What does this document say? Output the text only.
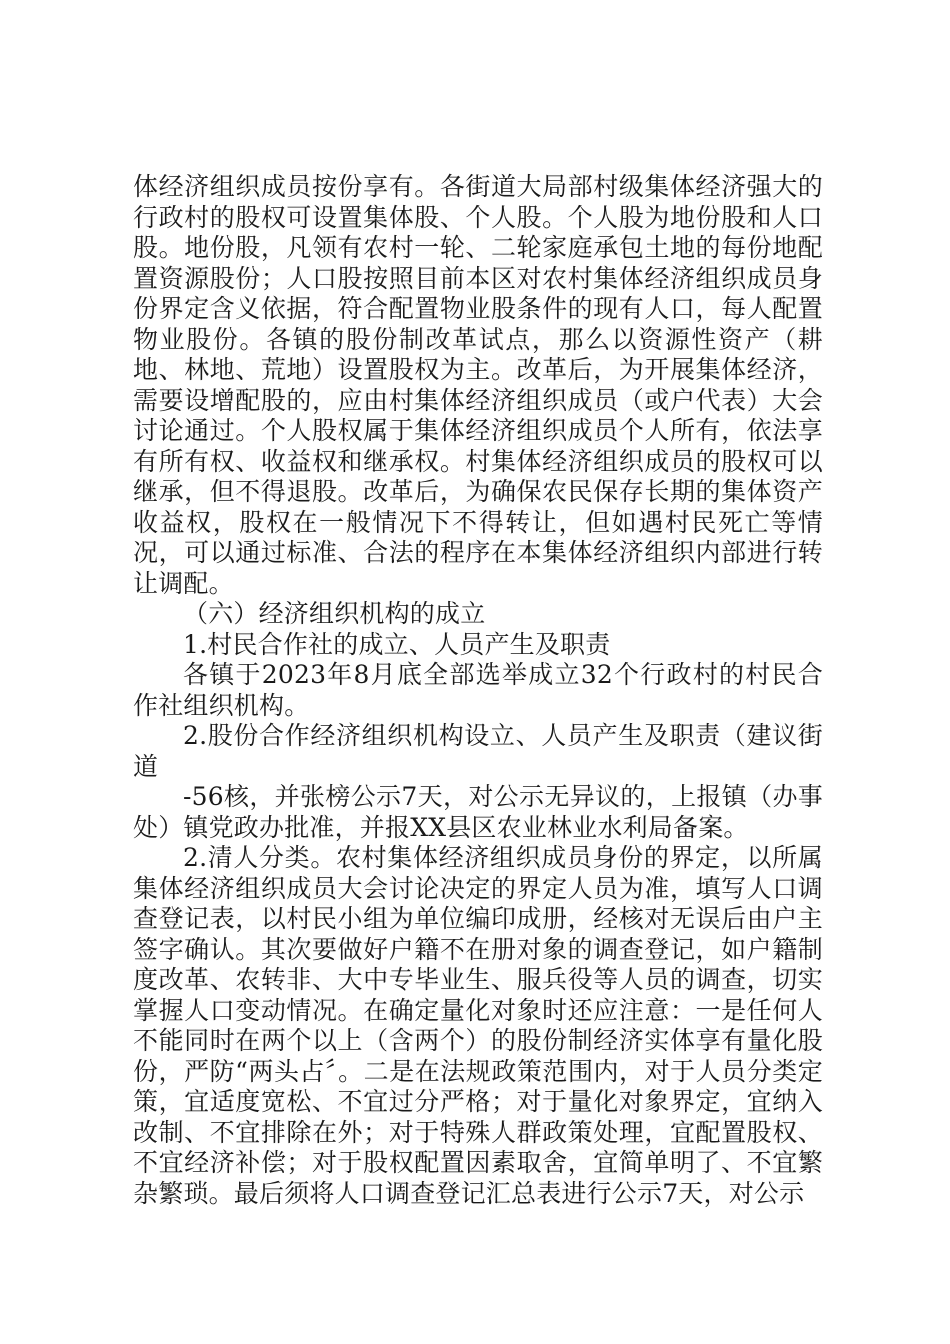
体经济组织成员按份享有。各街道大局部村级集体经济强大的行政村的股权可设置集体股、个人股。个人股为地份股和人口股。地份股，凡领有农村一轮、二轮家庭承包土地的每份地配置资源股份；人口股按照目前本区对农村集体经济组织成员身份界定含义依据，符合配置物业股条件的现有人口，每人配置物业股份。各镇的股份制改革试点，那么以资源性资产（耕地、林地、荒地）设置股权为主。改革后，为开展集体经济，需要设增配股的，应由村集体经济组织成员（或户代表）大会讨论通过。个人股权属于集体经济组织成员个人所有，依法享有所有权、收益权和继承权。村集体经济组织成员的股权可以继承，但不得退股。改革后，为确保农民保存长期的集体资产收益权，股权在一般情况下不得转让，但如遇村民死亡等情况，可以通过标准、合法的程序在本集体经济组织内部进行转让调配。

（六）经济组织机构的成立

1.村民合作社的成立、人员产生及职责

各镇于2023年8月底全部选举成立32个行政村的村民合作社组织机构。

2.股份合作经济组织机构设立、人员产生及职责（建议街道

-56核，并张榜公示7天，对公示无异议的，上报镇（办事处）镇党政办批准，并报XX县区农业林业水利局备案。

2.清人分类。农村集体经济组织成员身份的界定，以所属集体经济组织成员大会讨论决定的界定人员为准，填写人口调查登记表，以村民小组为单位编印成册，经核对无误后由户主签字确认。其次要做好户籍不在册对象的调查登记，如户籍制度改革、农转非、大中专毕业生、服兵役等人员的调查，切实掌握人口变动情况。在确定量化对象时还应注意：一是任何人不能同时在两个以上（含两个）的股份制经济实体享有量化股份，严防“两头占〞。二是在法规政策范围内，对于人员分类定策，宜适度宽松、不宜过分严格；对于量化对象界定，宜纳入改制、不宜排除在外；对于特殊人群政策处理，宜配置股权、不宜经济补偿；对于股权配置因素取舍，宜简单明了、不宜繁杂繁琐。最后须将人口调查登记汇总表进行公示7天，对公示
